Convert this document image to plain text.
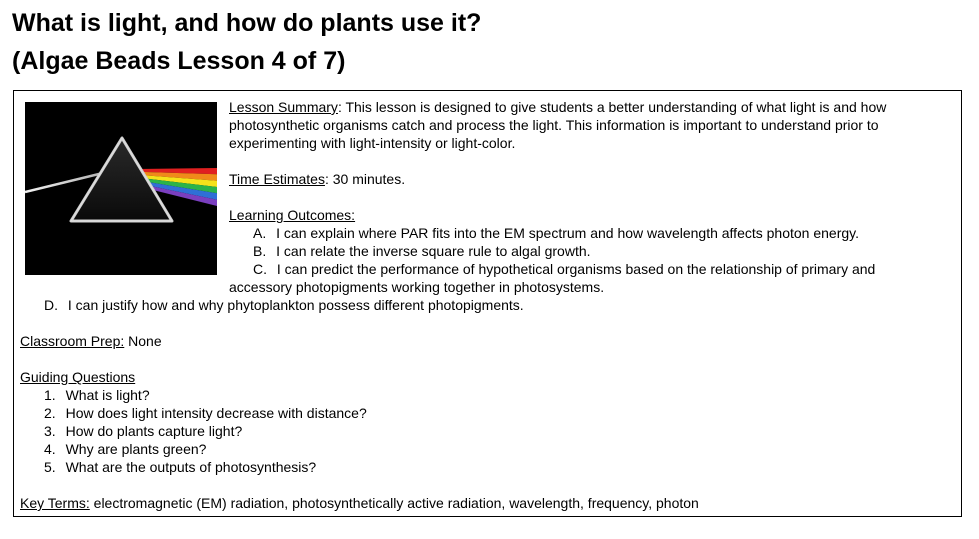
What is light, and how do plants use it?
(Algae Beads Lesson 4 of 7)
Lesson Summary: This lesson is designed to give students a better understanding of what light is and how
photosynthetic organisms catch and process the light. This information is important to understand prior to
experimenting with light-intensity or light-color.
Time Estimates: 30 minutes.
Learning Outcomes:
A. I can explain where PAR fits into the EM spectrum and how wavelength affects photon energy.
B. I can relate the inverse square rule to algal growth.
C. I can predict the performance of hypothetical organisms based on the relationship of primary and
accessory photopigments working together in photosystems.
D. I can justify how and why phytoplankton possess different photopigments.
Classroom Prep: None
Guiding Questions
1. What is light?
2. How does light intensity decrease with distance?
3. How do plants capture light?
4. Why are plants green?
5. What are the outputs of photosynthesis?
Key Terms: electromagnetic (EM) radiation, photosynthetically active radiation, wavelength, frequency, photon
